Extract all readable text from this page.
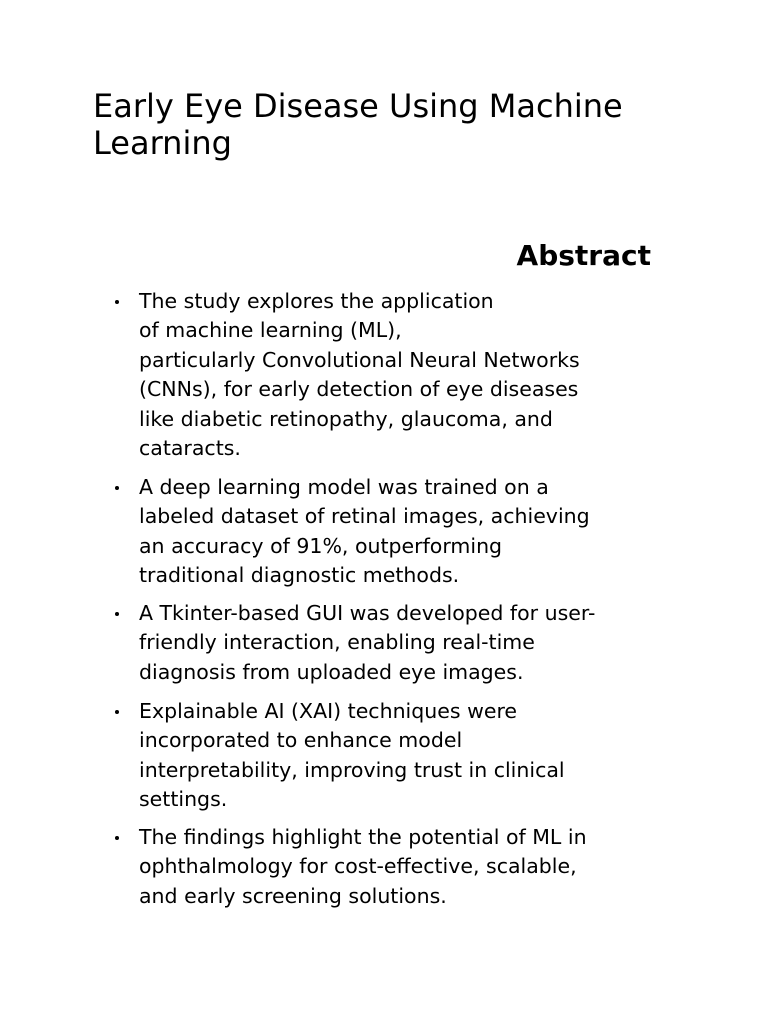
Early Eye Disease Using Machine Learning
Abstract
The study explores the application
of machine learning (ML),
particularly Convolutional Neural Networks
(CNNs), for early detection of eye diseases
like diabetic retinopathy, glaucoma, and
cataracts.
A deep learning model was trained on a
labeled dataset of retinal images, achieving
an accuracy of 91%, outperforming
traditional diagnostic methods.
A Tkinter-based GUI was developed for user-
friendly interaction, enabling real-time
diagnosis from uploaded eye images.
Explainable AI (XAI) techniques were
incorporated to enhance model
interpretability, improving trust in clinical
settings.
The findings highlight the potential of ML in
ophthalmology for cost-effective, scalable,
and early screening solutions.
